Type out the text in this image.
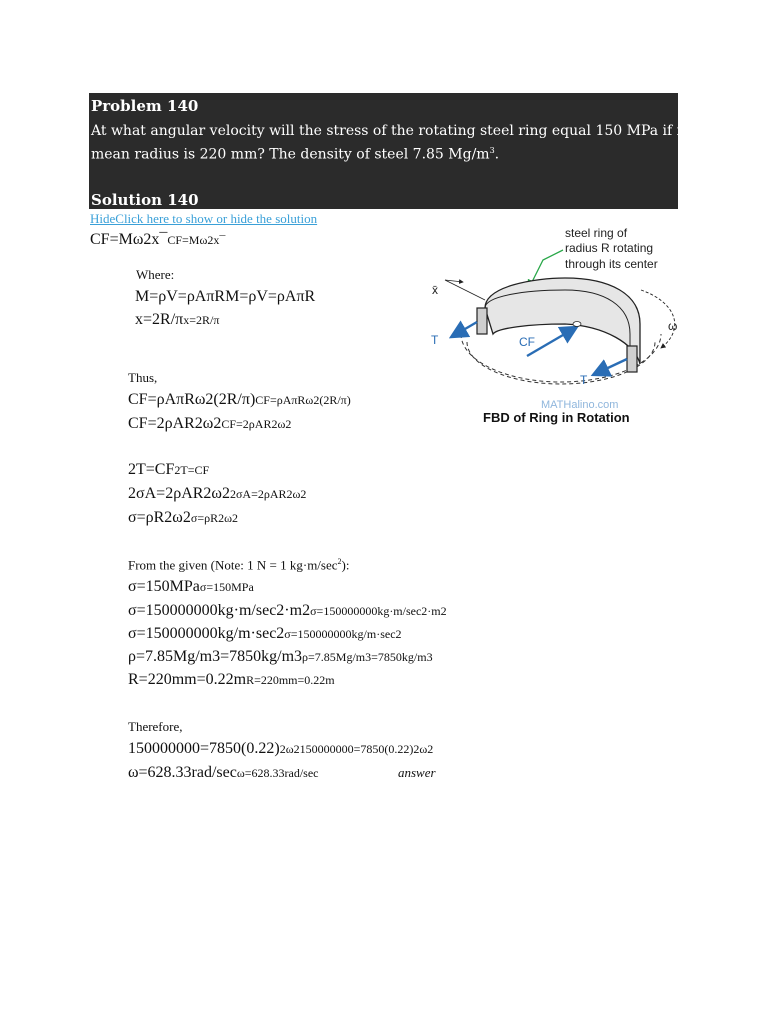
Problem 140
At what angular velocity will the stress of the rotating steel ring equal 150 MPa if its
mean radius is 220 mm? The density of steel 7.85 $Mg/m^3$.
Solution 140
HideClick here to show or hide the solution
CF=Mω2x¯CF=Mω2x¯
Where:
M=ρV=ρAπRM=ρV=ρAπR
x=2R/πx=2R/π
Thus,
CF=ρAπRω2(2R/π)CF=ρAπRω2(2R/π)
CF=2ρAR2ω2CF=2ρAR2ω2
2T=CF2T=CF
2σA=2ρAR2ω22σA=2ρAR2ω2
σ=ρR2ω2σ=ρR2ω2
From the given (Note: 1 N = 1 $kg\cdot m/\sec^2$):
σ=150MPaσ=150MPa
σ=150000000kg·m/sec2·m2σ=150000000kg·m/sec2·m2
σ=150000000kg/m·sec2σ=150000000kg/m·sec2
ρ=7.85Mg/m3=7850kg/m3ρ=7.85Mg/m3=7850kg/m3
R=220mm=0.22mR=220mm=0.22m
Therefore,
150000000=7850(0.22)2ω2150000000=7850(0.22)2ω2
ω=628.33rad/secω=628.33rad/sec	answer
steel ring of
radius R rotating
through its center
x̄
ω
T	CF
T
MATHalino.com
FBD of Ring in Rotation
